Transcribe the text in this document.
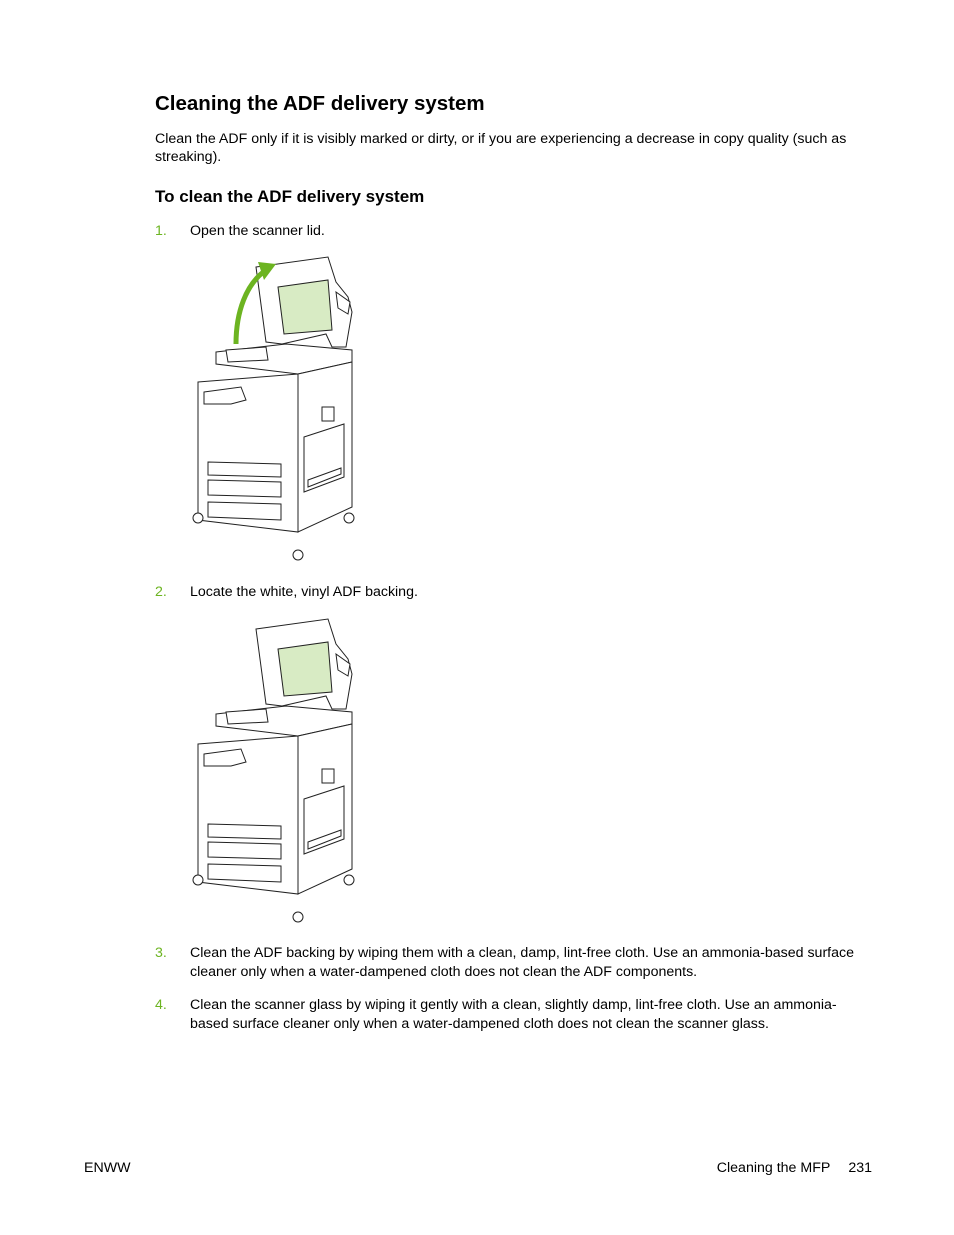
Cleaning the ADF delivery system

Clean the ADF only if it is visibly marked or dirty, or if you are experiencing a decrease in copy quality (such as streaking).

To clean the ADF delivery system
1. Open the scanner lid.
2. Locate the white, vinyl ADF backing.
3. Clean the ADF backing by wiping them with a clean, damp, lint-free cloth. Use an ammonia-based surface cleaner only when a water-dampened cloth does not clean the ADF components.
4. Clean the scanner glass by wiping it gently with a clean, slightly damp, lint-free cloth. Use an ammonia-based surface cleaner only when a water-dampened cloth does not clean the scanner glass.
ENWW	Cleaning the MFP 231
